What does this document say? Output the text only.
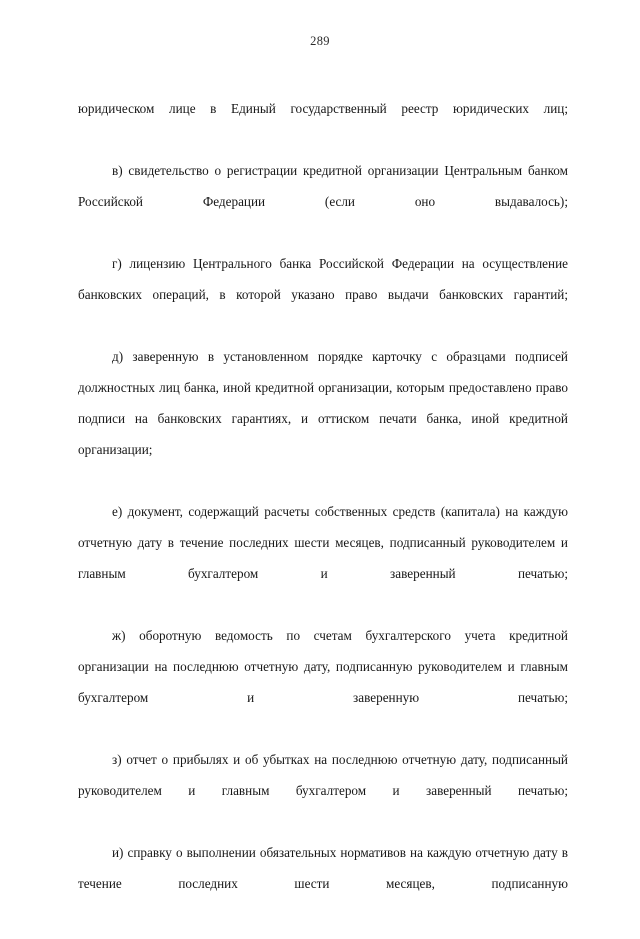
289

юридическом лице в Единый государственный реестр юридических лиц;

в) свидетельство о регистрации кредитной организации Центральным банком Российской Федерации (если оно выдавалось);

г) лицензию Центрального банка Российской Федерации на осуществление банковских операций, в которой указано право выдачи банковских гарантий;

д) заверенную в установленном порядке карточку с образцами подписей должностных лиц банка, иной кредитной организации, которым предоставлено право подписи на банковских гарантиях, и оттиском печати банка, иной кредитной организации;

е) документ, содержащий расчеты собственных средств (капитала) на каждую отчетную дату в течение последних шести месяцев, подписанный руководителем и главным бухгалтером и заверенный печатью;

ж) оборотную ведомость по счетам бухгалтерского учета кредитной организации на последнюю отчетную дату, подписанную руководителем и главным бухгалтером и заверенную печатью;

з) отчет о прибылях и об убытках на последнюю отчетную дату, подписанный руководителем и главным бухгалтером и заверенный печатью;

и) справку о выполнении обязательных нормативов на каждую отчетную дату в течение последних шести месяцев, подписанную
